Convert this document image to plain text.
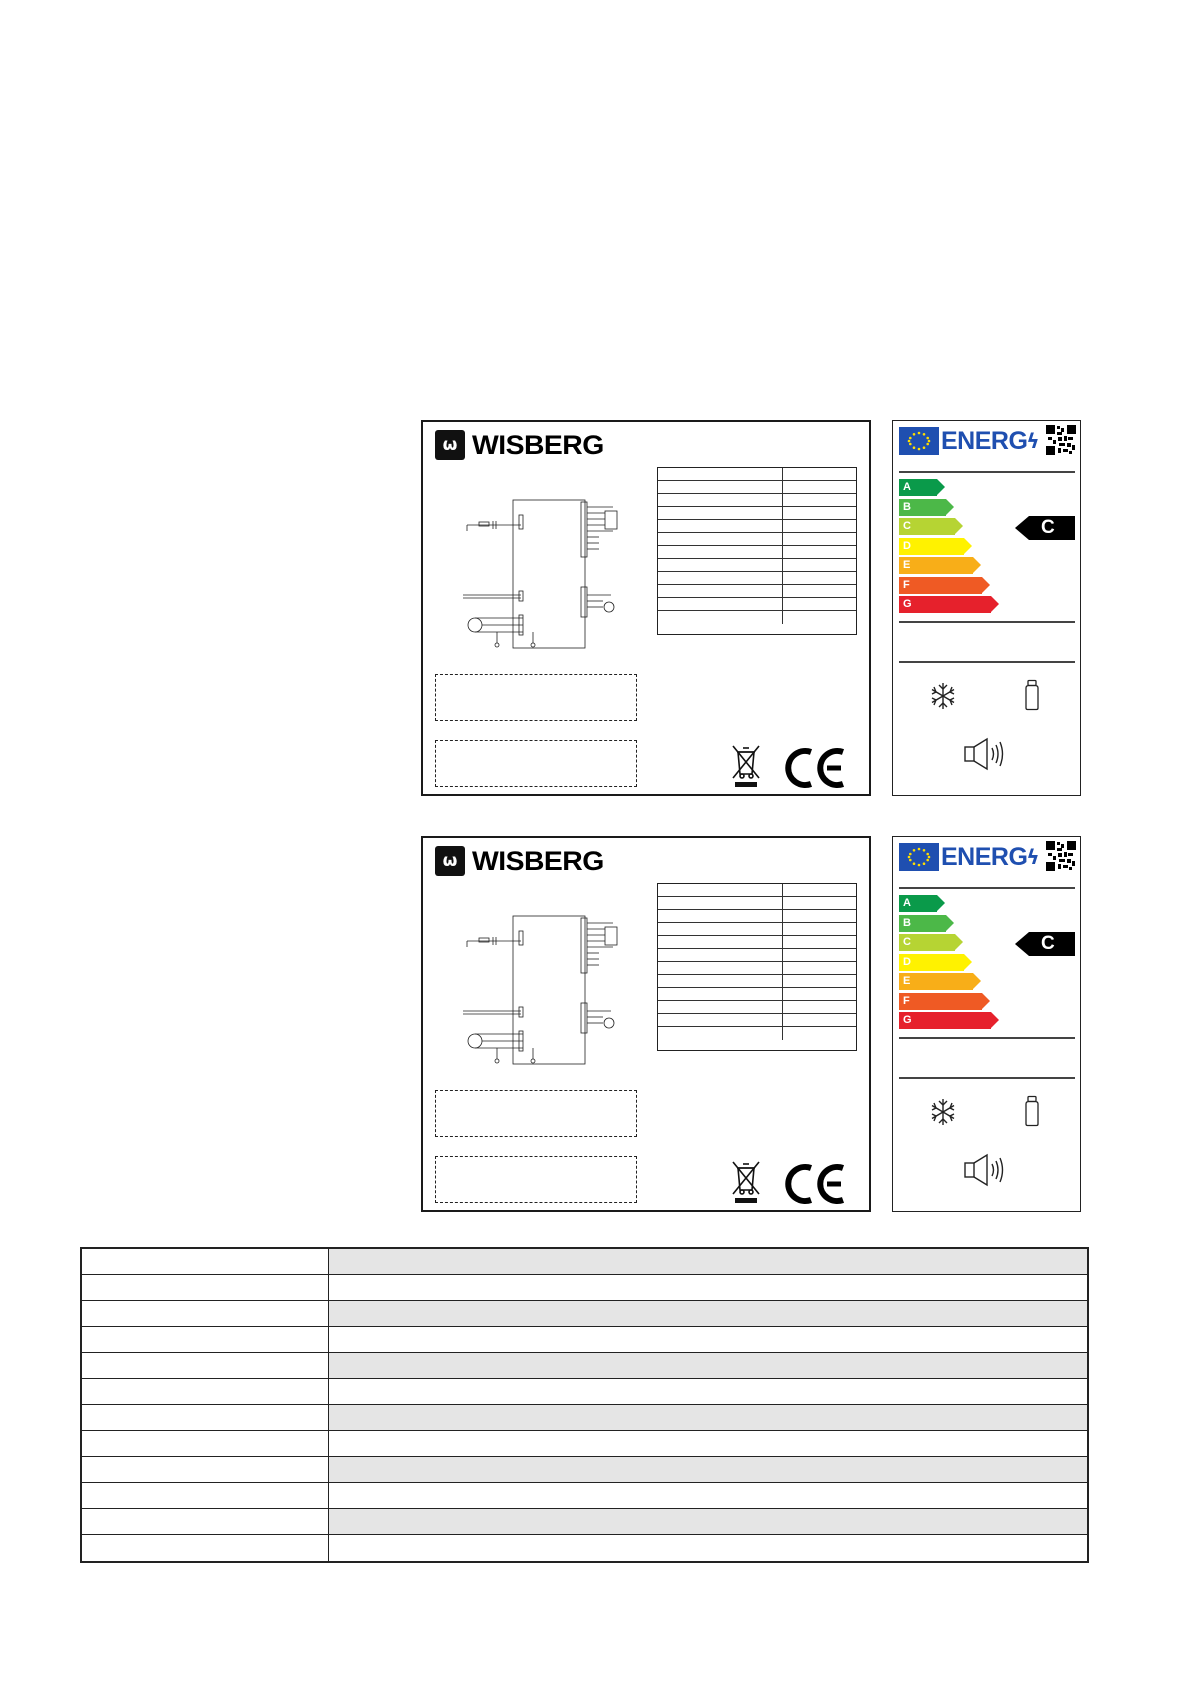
ω WISBERG	ENERG ϟ
A
B
C
D
E
F
G
C
ω WISBERG	ENERG ϟ
A
B
C
D
E
F
G
C
